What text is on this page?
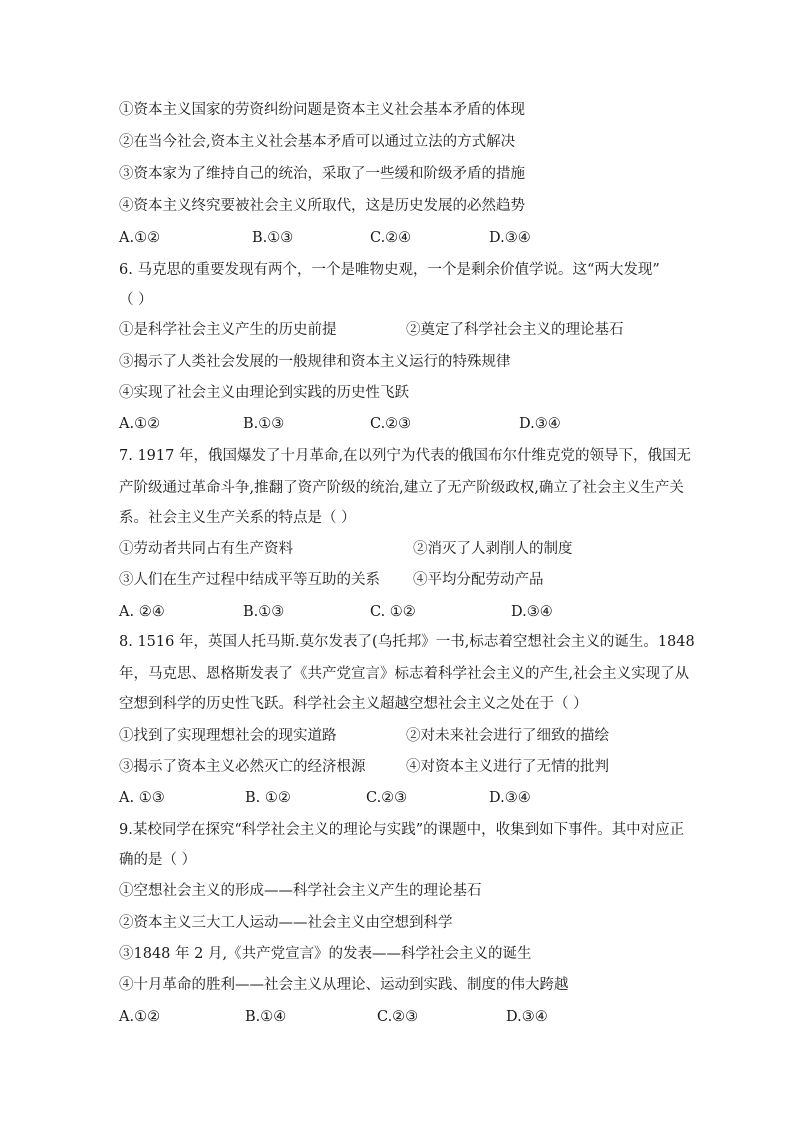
①资本主义国家的劳资纠纷问题是资本主义社会基本矛盾的体现
②在当今社会,资本主义社会基本矛盾可以通过立法的方式解决
③资本家为了维持自己的统治，采取了一些缓和阶级矛盾的措施
④资本主义终究要被社会主义所取代，这是历史发展的必然趋势
A.①②	B.①③	C.②④	D.③④
6. 马克思的重要发现有两个，一个是唯物史观，一个是剩余价值学说。这“两大发现”
（ ）
①是科学社会主义产生的历史前提	②奠定了科学社会主义的理论基石
③揭示了人类社会发展的一般规律和资本主义运行的特殊规律
④实现了社会主义由理论到实践的历史性飞跃
A.①②	B.①③	C.②③	D.③④
7. 1917 年，俄国爆发了十月革命,在以列宁为代表的俄国布尔什维克党的领导下，俄国无
产阶级通过革命斗争,推翻了资产阶级的统治,建立了无产阶级政权,确立了社会主义生产关
系。社会主义生产关系的特点是（ ）
①劳动者共同占有生产资料	②消灭了人剥削人的制度
③人们在生产过程中结成平等互助的关系 ④平均分配劳动产品
A. ②④	B.①③	C. ①②	D.③④
8. 1516 年，英国人托马斯.莫尔发表了(乌托邦》一书,标志着空想社会主义的诞生。1848
年，马克思、恩格斯发表了《共产党宣言》标志着科学社会主义的产生,社会主义实现了从
空想到科学的历史性飞跃。科学社会主义超越空想社会主义之处在于（ ）
①找到了实现理想社会的现实道路	②对未来社会进行了细致的描绘
③揭示了资本主义必然灭亡的经济根源	④对资本主义进行了无情的批判
A. ①③	B. ①②	C.②③	D.③④
9.某校同学在探究“科学社会主义的理论与实践”的课题中，收集到如下事件。其中对应正
确的是（ ）
①空想社会主义的形成——科学社会主义产生的理论基石
②资本主义三大工人运动——社会主义由空想到科学
③1848 年 2 月,《共产党宣言》的发表——科学社会主义的诞生
④十月革命的胜利——社会主义从理论、运动到实践、制度的伟大跨越
A.①②	B.①④	C.②③	D.③④
